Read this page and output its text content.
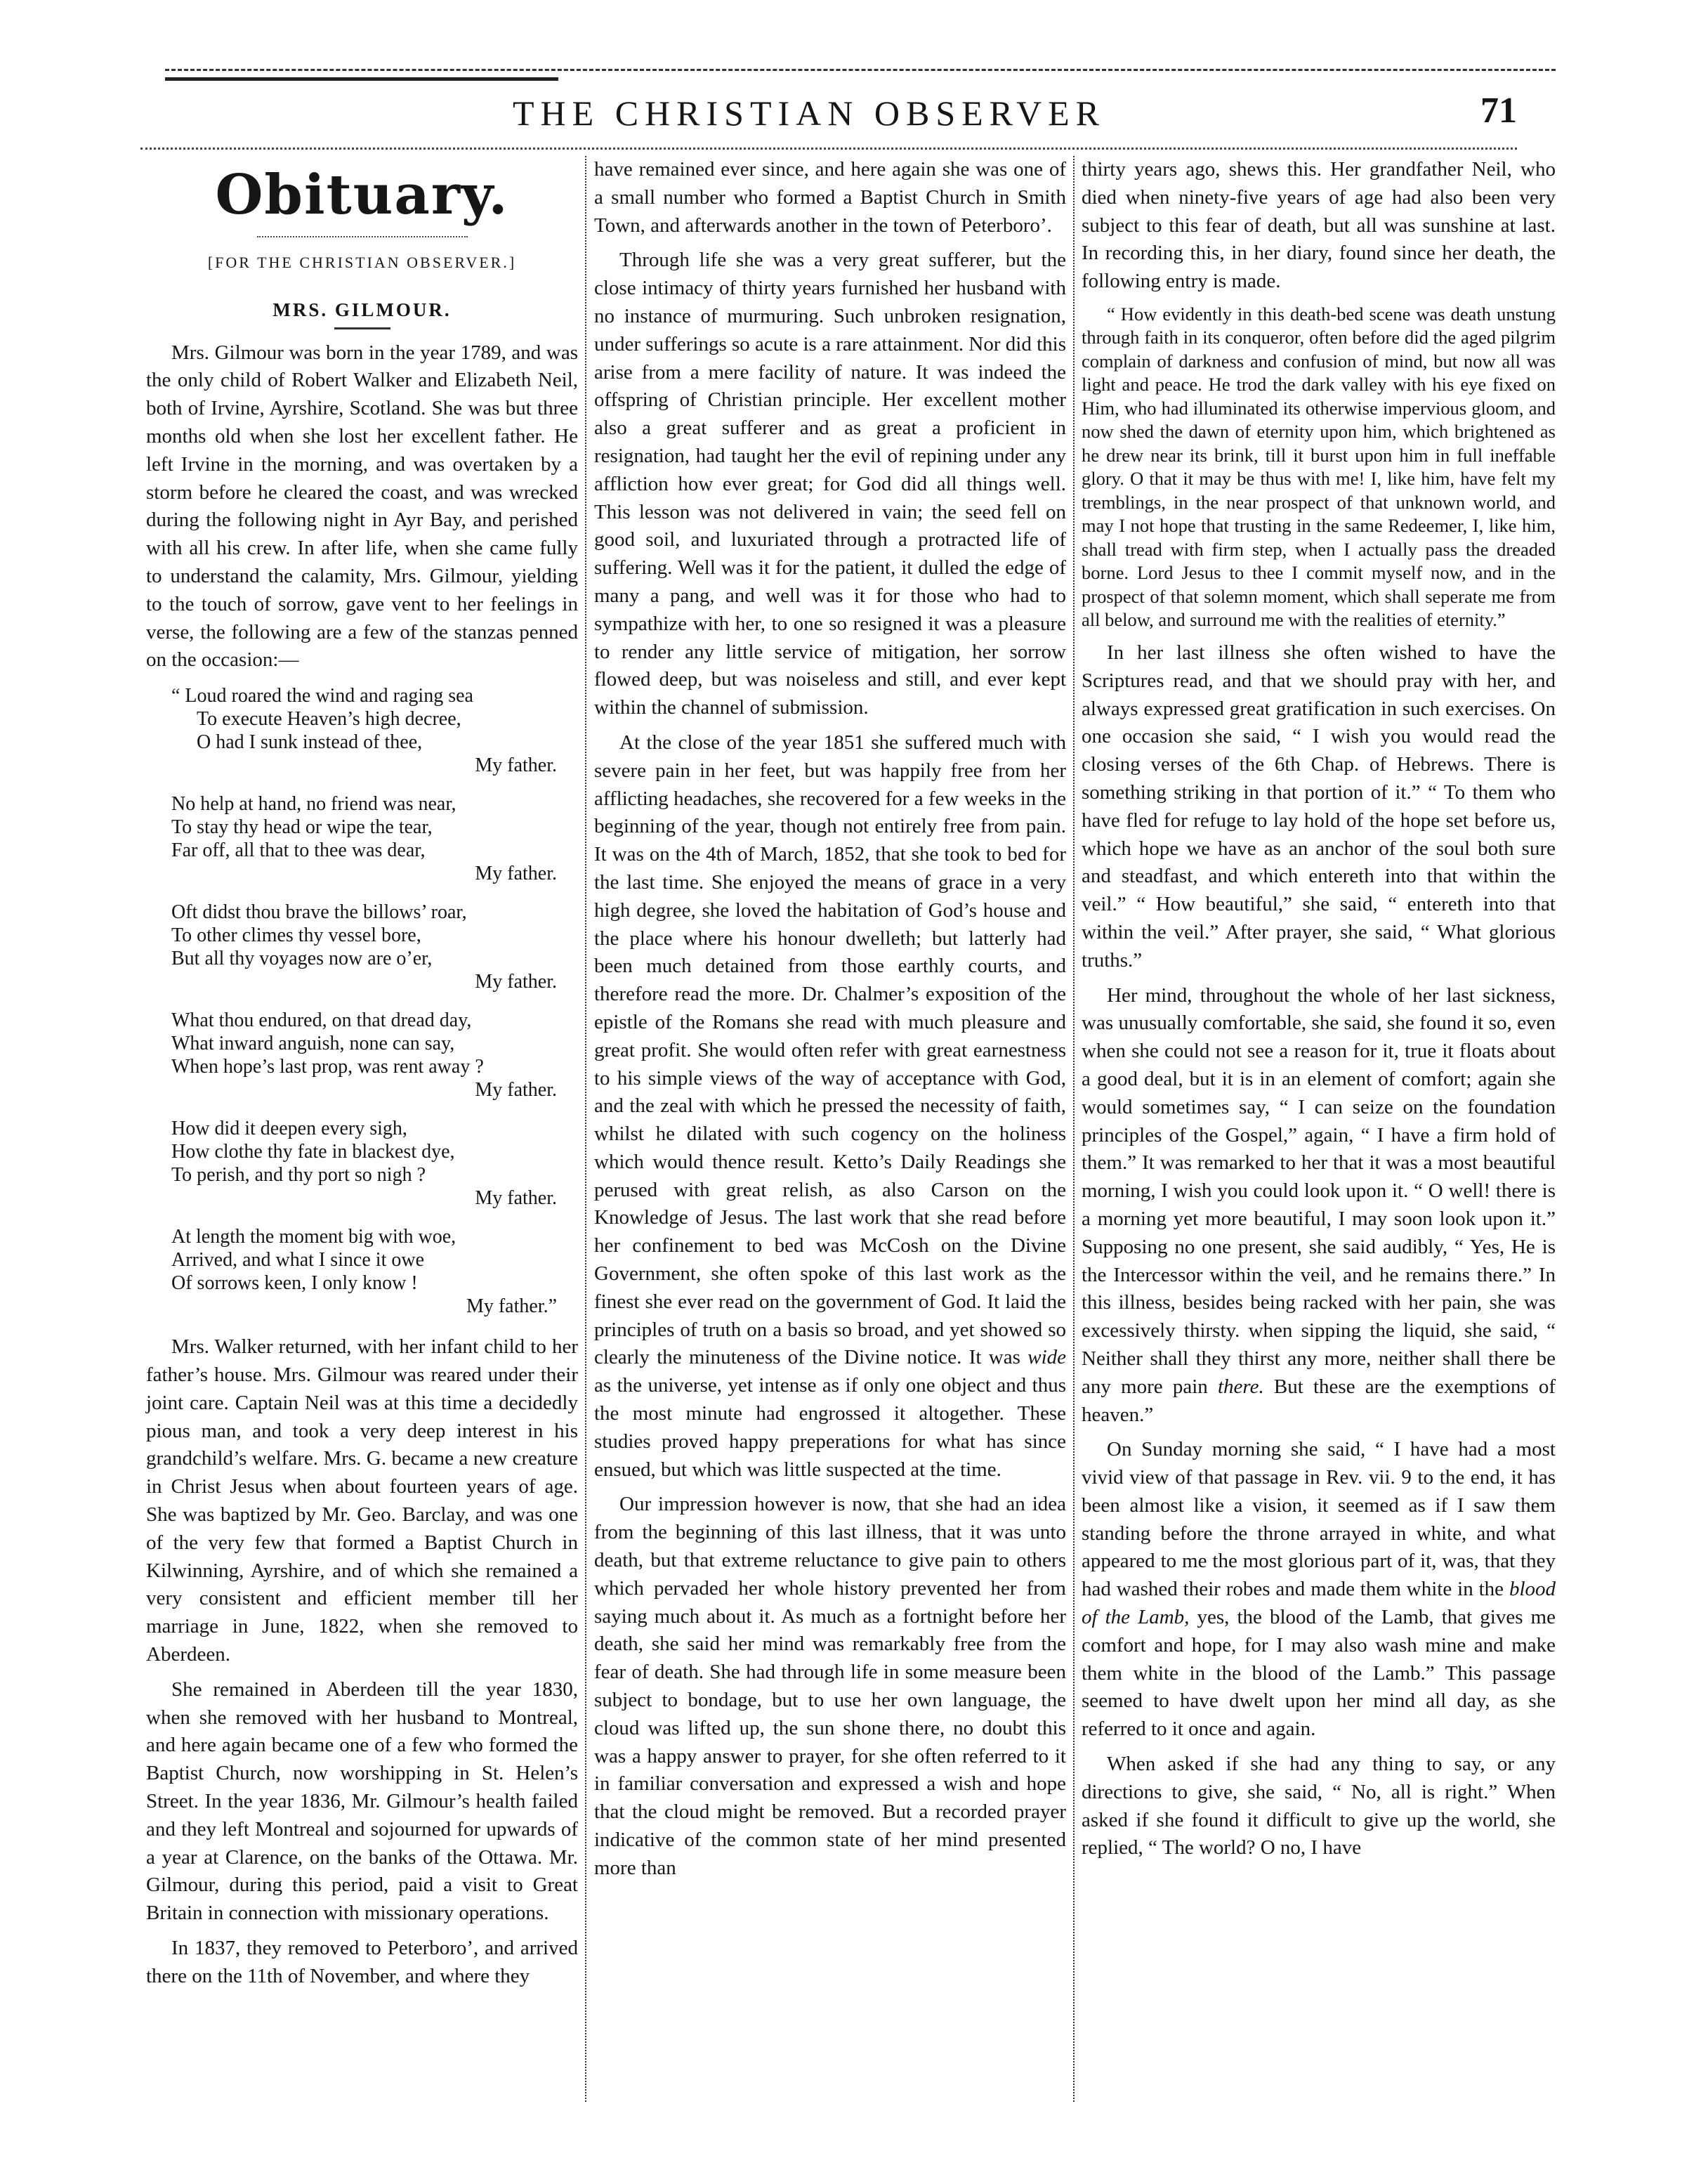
THE CHRISTIAN OBSERVER	71
Obituary.
[FOR THE CHRISTIAN OBSERVER.]
MRS. GILMOUR.

Mrs. Gilmour was born in the year 1789, and was the only child of Robert Walker and Elizabeth Neil, both of Irvine, Ayrshire, Scotland. She was but three months old when she lost her excellent father. He left Irvine in the morning, and was overtaken by a storm before he cleared the coast, and was wrecked during the following night in Ayr Bay, and perished with all his crew. In after life, when she came fully to understand the calamity, Mrs. Gilmour, yielding to the touch of sorrow, gave vent to her feelings in verse, the following are a few of the stanzas penned on the occasion:—

“ Loud roared the wind and raging sea
To execute Heaven’s high decree,
O had I sunk instead of thee,
My father.
No help at hand, no friend was near,
To stay thy head or wipe the tear,
Far off, all that to thee was dear,
My father.
Oft didst thou brave the billows’ roar,
To other climes thy vessel bore,
But all thy voyages now are o’er,
My father.
What thou endured, on that dread day,
What inward anguish, none can say,
When hope’s last prop, was rent away ?
My father.
How did it deepen every sigh,
How clothe thy fate in blackest dye,
To perish, and thy port so nigh ?
My father.
At length the moment big with woe,
Arrived, and what I since it owe
Of sorrows keen, I only know !
My father.”

Mrs. Walker returned, with her infant child to her father’s house. Mrs. Gilmour was reared under their joint care. Captain Neil was at this time a decidedly pious man, and took a very deep interest in his grandchild’s welfare. Mrs. G. became a new creature in Christ Jesus when about fourteen years of age. She was baptized by Mr. Geo. Barclay, and was one of the very few that formed a Baptist Church in Kilwinning, Ayrshire, and of which she remained a very consistent and efficient member till her marriage in June, 1822, when she removed to Aberdeen.

She remained in Aberdeen till the year 1830, when she removed with her husband to Montreal, and here again became one of a few who formed the Baptist Church, now worshipping in St. Helen’s Street. In the year 1836, Mr. Gilmour’s health failed and they left Montreal and sojourned for upwards of a year at Clarence, on the banks of the Ottawa. Mr. Gilmour, during this period, paid a visit to Great Britain in connection with missionary operations.

In 1837, they removed to Peterboro’, and arrived there on the 11th of November, and where they

have remained ever since, and here again she was one of a small number who formed a Baptist Church in Smith Town, and afterwards another in the town of Peterboro’.

Through life she was a very great sufferer, but the close intimacy of thirty years furnished her husband with no instance of murmuring. Such unbroken resignation, under sufferings so acute is a rare attainment. Nor did this arise from a mere facility of nature. It was indeed the offspring of Christian principle. Her excellent mother also a great sufferer and as great a proficient in resignation, had taught her the evil of repining under any affliction how ever great; for God did all things well. This lesson was not delivered in vain; the seed fell on good soil, and luxuriated through a protracted life of suffering. Well was it for the patient, it dulled the edge of many a pang, and well was it for those who had to sympathize with her, to one so resigned it was a pleasure to render any little service of mitigation, her sorrow flowed deep, but was noiseless and still, and ever kept within the channel of submission.

At the close of the year 1851 she suffered much with severe pain in her feet, but was happily free from her afflicting headaches, she recovered for a few weeks in the beginning of the year, though not entirely free from pain. It was on the 4th of March, 1852, that she took to bed for the last time. She enjoyed the means of grace in a very high degree, she loved the habitation of God’s house and the place where his honour dwelleth; but latterly had been much detained from those earthly courts, and therefore read the more. Dr. Chalmer’s exposition of the epistle of the Romans she read with much pleasure and great profit. She would often refer with great earnestness to his simple views of the way of acceptance with God, and the zeal with which he pressed the necessity of faith, whilst he dilated with such cogency on the holiness which would thence result. Ketto’s Daily Readings she perused with great relish, as also Carson on the Knowledge of Jesus. The last work that she read before her confinement to bed was McCosh on the Divine Government, she often spoke of this last work as the finest she ever read on the government of God. It laid the principles of truth on a basis so broad, and yet showed so clearly the minuteness of the Divine notice. It was wide as the universe, yet intense as if only one object and thus the most minute had engrossed it altogether. These studies proved happy preperations for what has since ensued, but which was little suspected at the time.

Our impression however is now, that she had an idea from the beginning of this last illness, that it was unto death, but that extreme reluctance to give pain to others which pervaded her whole history prevented her from saying much about it. As much as a fortnight before her death, she said her mind was remarkably free from the fear of death. She had through life in some measure been subject to bondage, but to use her own language, the cloud was lifted up, the sun shone there, no doubt this was a happy answer to prayer, for she often referred to it in familiar conversation and expressed a wish and hope that the cloud might be removed. But a recorded prayer indicative of the common state of her mind presented more than

thirty years ago, shews this. Her grandfather Neil, who died when ninety-five years of age had also been very subject to this fear of death, but all was sunshine at last. In recording this, in her diary, found since her death, the following entry is made.

“ How evidently in this death-bed scene was death unstung through faith in its conqueror, often before did the aged pilgrim complain of darkness and confusion of mind, but now all was light and peace. He trod the dark valley with his eye fixed on Him, who had illuminated its otherwise impervious gloom, and now shed the dawn of eternity upon him, which brightened as he drew near its brink, till it burst upon him in full ineffable glory. O that it may be thus with me! I, like him, have felt my tremblings, in the near prospect of that unknown world, and may I not hope that trusting in the same Redeemer, I, like him, shall tread with firm step, when I actually pass the dreaded borne. Lord Jesus to thee I commit myself now, and in the prospect of that solemn moment, which shall seperate me from all below, and surround me with the realities of eternity.”

In her last illness she often wished to have the Scriptures read, and that we should pray with her, and always expressed great gratification in such exercises. On one occasion she said, “ I wish you would read the closing verses of the 6th Chap. of Hebrews. There is something striking in that portion of it.” “ To them who have fled for refuge to lay hold of the hope set before us, which hope we have as an anchor of the soul both sure and steadfast, and which entereth into that within the veil.” “ How beautiful,” she said, “ entereth into that within the veil.” After prayer, she said, “ What glorious truths.”

Her mind, throughout the whole of her last sickness, was unusually comfortable, she said, she found it so, even when she could not see a reason for it, true it floats about a good deal, but it is in an element of comfort; again she would sometimes say, “ I can seize on the foundation principles of the Gospel,” again, “ I have a firm hold of them.” It was remarked to her that it was a most beautiful morning, I wish you could look upon it. “ O well! there is a morning yet more beautiful, I may soon look upon it.” Supposing no one present, she said audibly, “ Yes, He is the Intercessor within the veil, and he remains there.” In this illness, besides being racked with her pain, she was excessively thirsty. when sipping the liquid, she said, “ Neither shall they thirst any more, neither shall there be any more pain there. But these are the exemptions of heaven.”

On Sunday morning she said, “ I have had a most vivid view of that passage in Rev. vii. 9 to the end, it has been almost like a vision, it seemed as if I saw them standing before the throne arrayed in white, and what appeared to me the most glorious part of it, was, that they had washed their robes and made them white in the blood of the Lamb, yes, the blood of the Lamb, that gives me comfort and hope, for I may also wash mine and make them white in the blood of the Lamb.” This passage seemed to have dwelt upon her mind all day, as she referred to it once and again.

When asked if she had any thing to say, or any directions to give, she said, “ No, all is right.” When asked if she found it difficult to give up the world, she replied, “ The world? O no, I have
